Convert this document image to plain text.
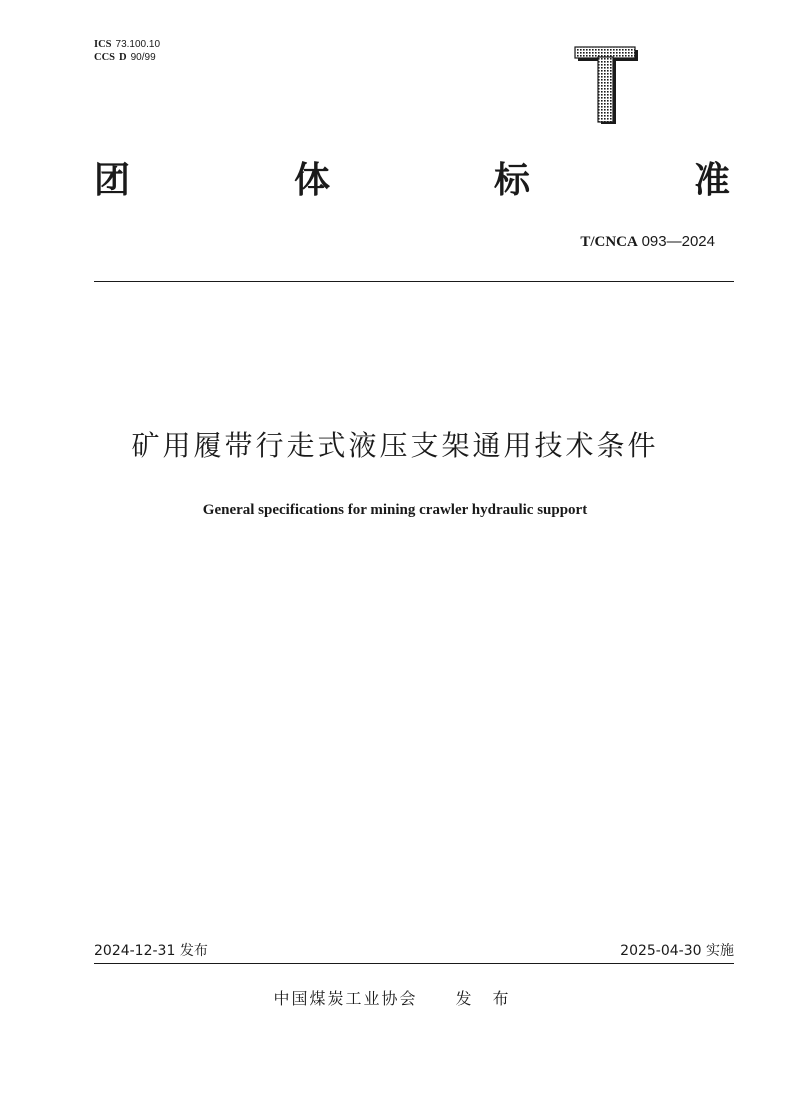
ICS 73.100.10
CCS D 90/99
团	体	标	准
T/CNCA 093—2024
矿用履带行走式液压支架通用技术条件
General specifications for mining crawler hydraulic support
2024-12-31 发布	2025-04-30 实施
中国煤炭工业协会 发 布
